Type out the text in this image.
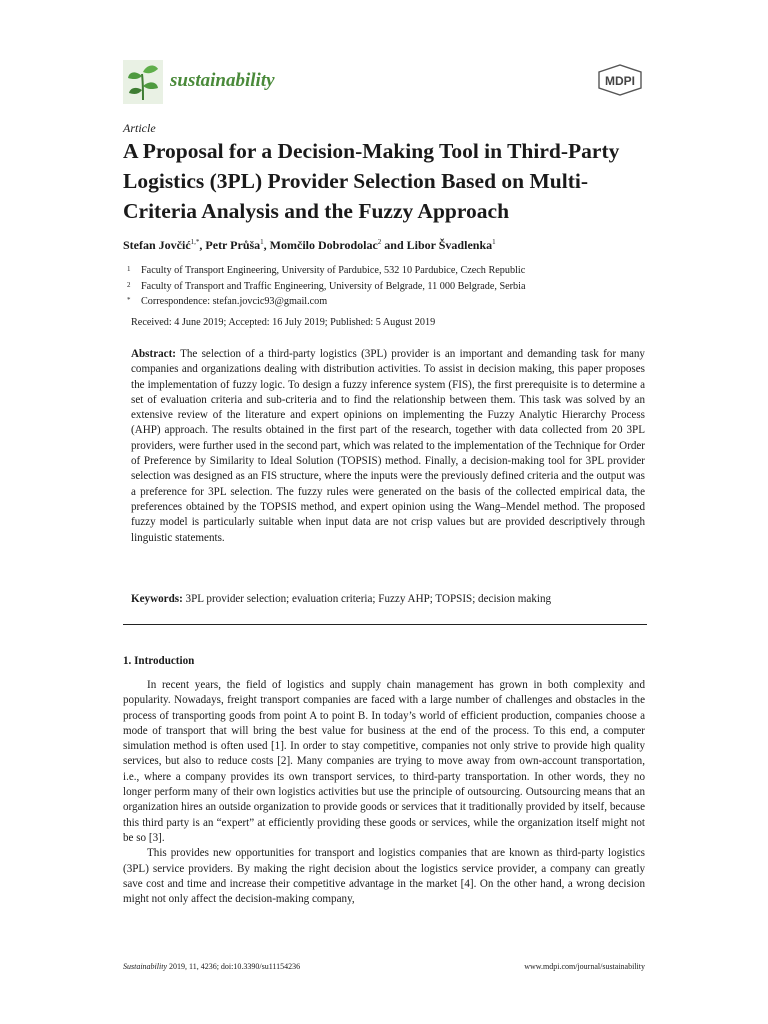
sustainability	MDPI
Article
A Proposal for a Decision-Making Tool in Third-Party Logistics (3PL) Provider Selection Based on Multi-Criteria Analysis and the Fuzzy Approach
Stefan Jovčić$^{1,*}$, Petr Průša$^1$, Momčilo Dobrodolac$^2$ and Libor Švadlenka$^1$
1	Faculty of Transport Engineering, University of Pardubice, 532 10 Pardubice, Czech Republic
2	Faculty of Transport and Traffic Engineering, University of Belgrade, 11 000 Belgrade, Serbia
*	Correspondence: stefan.jovcic93@gmail.com
Received: 4 June 2019; Accepted: 16 July 2019; Published: 5 August 2019

Abstract: The selection of a third-party logistics (3PL) provider is an important and demanding task for many companies and organizations dealing with distribution activities. To assist in decision making, this paper proposes the implementation of fuzzy logic. To design a fuzzy inference system (FIS), the first prerequisite is to determine a set of evaluation criteria and sub-criteria and to find the relationship between them. This task was solved by an extensive review of the literature and expert opinions on implementing the Fuzzy Analytic Hierarchy Process (AHP) approach. The results obtained in the first part of the research, together with data collected from 20 3PL providers, were further used in the second part, which was related to the implementation of the Technique for Order of Preference by Similarity to Ideal Solution (TOPSIS) method. Finally, a decision-making tool for 3PL provider selection was designed as an FIS structure, where the inputs were the previously defined criteria and the output was a preference for 3PL selection. The fuzzy rules were generated on the basis of the collected empirical data, the preferences obtained by the TOPSIS method, and expert opinion using the Wang–Mendel method. The proposed fuzzy model is particularly suitable when input data are not crisp values but are provided descriptively through linguistic statements.

Keywords: 3PL provider selection; evaluation criteria; Fuzzy AHP; TOPSIS; decision making
1. Introduction

In recent years, the field of logistics and supply chain management has grown in both complexity and popularity. Nowadays, freight transport companies are faced with a large number of challenges and obstacles in the process of transporting goods from point A to point B. In today’s world of efficient production, companies choose a mode of transport that will bring the best value for business at the end of the process. To this end, a computer simulation method is often used [1]. In order to stay competitive, companies not only strive to provide high quality services, but also to reduce costs [2]. Many companies are trying to move away from own-account transportation, i.e., where a company provides its own transport services, to third-party transportation. In other words, they no longer perform many of their own logistics activities but use the principle of outsourcing. Outsourcing means that an organization hires an outside organization to provide goods or services that it traditionally provided by itself, because this third party is an “expert” at efficiently providing these goods or services, while the organization itself might not be so [3].

This provides new opportunities for transport and logistics companies that are known as third-party logistics (3PL) service providers. By making the right decision about the logistics service provider, a company can greatly save cost and time and increase their competitive advantage in the market [4]. On the other hand, a wrong decision might not only affect the decision-making company,

Sustainability 2019, 11, 4236; doi:10.3390/su11154236	www.mdpi.com/journal/sustainability
